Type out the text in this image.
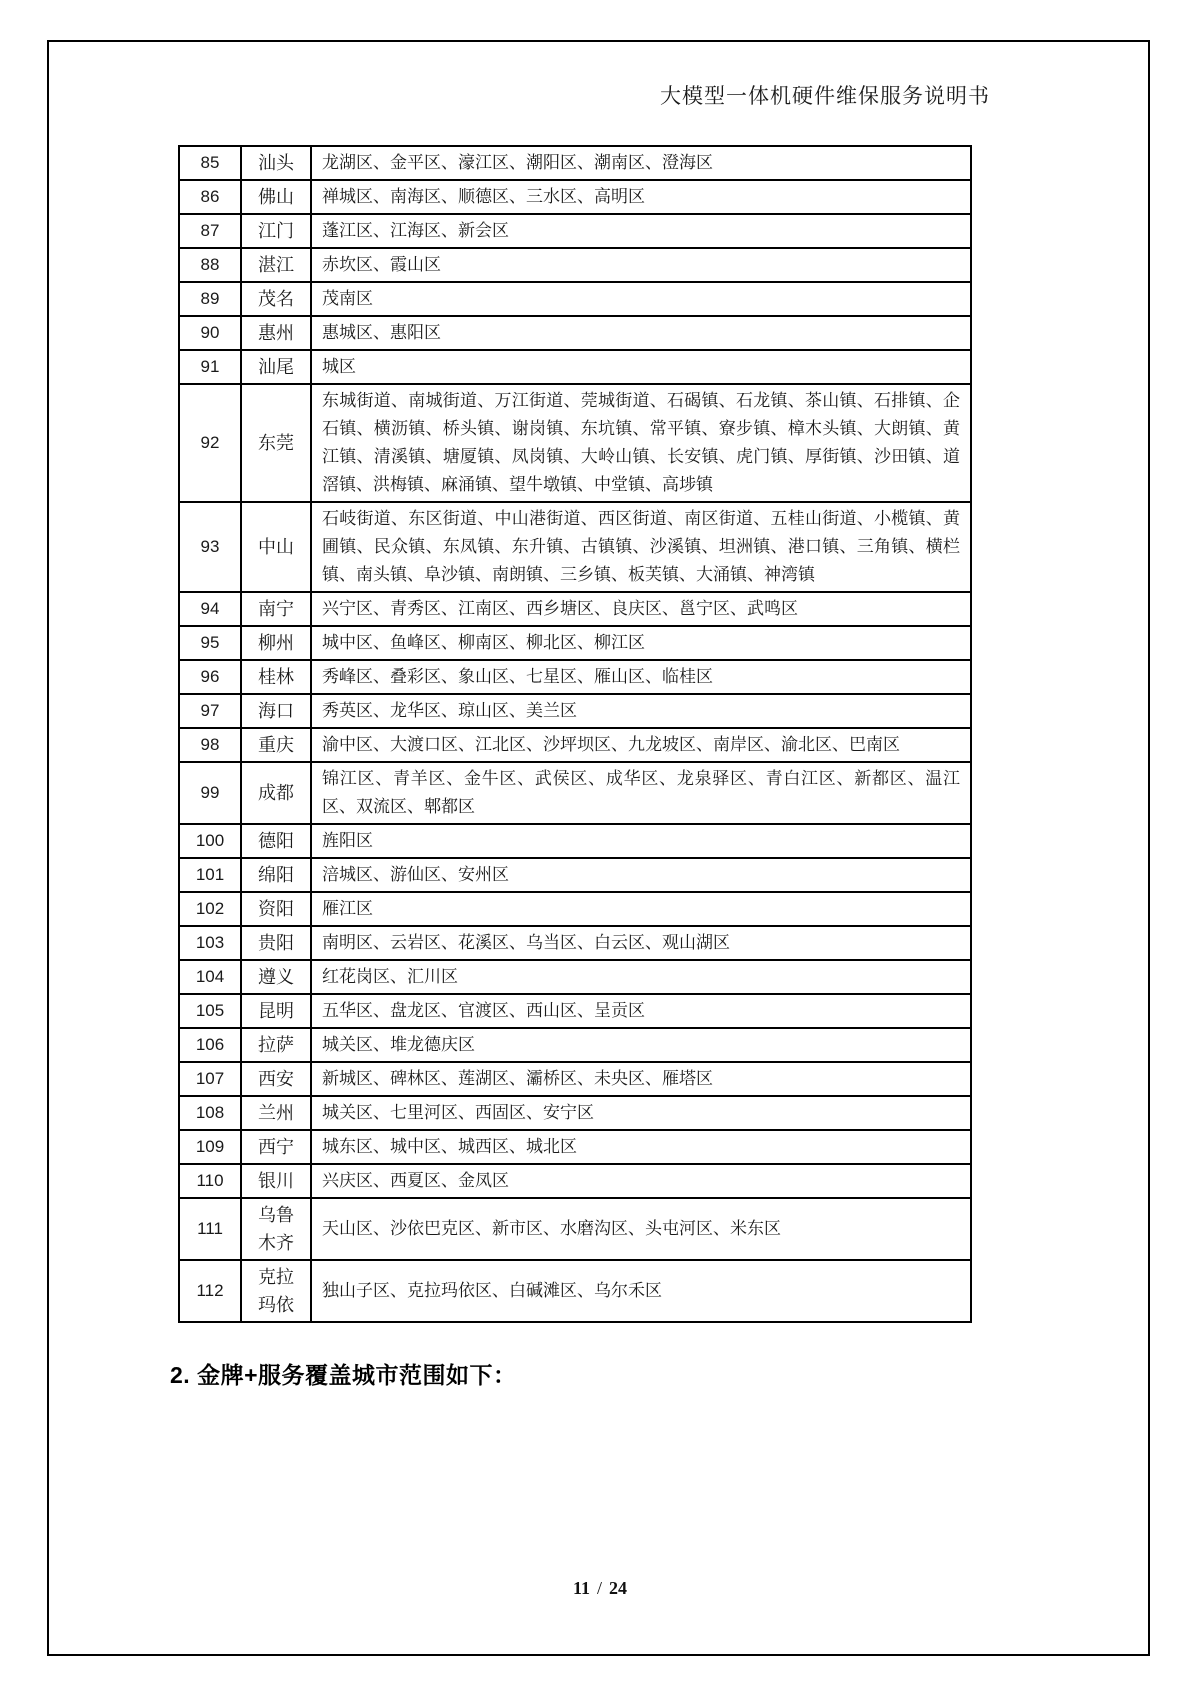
大模型一体机硬件维保服务说明书
85	汕头	龙湖区、金平区、濠江区、潮阳区、潮南区、澄海区
86	佛山	禅城区、南海区、顺德区、三水区、高明区
87	江门	蓬江区、江海区、新会区
88	湛江	赤坎区、霞山区
89	茂名	茂南区
90	惠州	惠城区、惠阳区
91	汕尾	城区
92	东莞	东城街道、南城街道、万江街道、莞城街道、石碣镇、石龙镇、茶山镇、石排镇、企石镇、横沥镇、桥头镇、谢岗镇、东坑镇、常平镇、寮步镇、樟木头镇、大朗镇、黄江镇、清溪镇、塘厦镇、凤岗镇、大岭山镇、长安镇、虎门镇、厚街镇、沙田镇、道滘镇、洪梅镇、麻涌镇、望牛墩镇、中堂镇、高埗镇
93	中山	石岐街道、东区街道、中山港街道、西区街道、南区街道、五桂山街道、小榄镇、黄圃镇、民众镇、东凤镇、东升镇、古镇镇、沙溪镇、坦洲镇、港口镇、三角镇、横栏镇、南头镇、阜沙镇、南朗镇、三乡镇、板芙镇、大涌镇、神湾镇
94	南宁	兴宁区、青秀区、江南区、西乡塘区、良庆区、邕宁区、武鸣区
95	柳州	城中区、鱼峰区、柳南区、柳北区、柳江区
96	桂林	秀峰区、叠彩区、象山区、七星区、雁山区、临桂区
97	海口	秀英区、龙华区、琼山区、美兰区
98	重庆	渝中区、大渡口区、江北区、沙坪坝区、九龙坡区、南岸区、渝北区、巴南区
99	成都	锦江区、青羊区、金牛区、武侯区、成华区、龙泉驿区、青白江区、新都区、温江区、双流区、郫都区
100	德阳	旌阳区
101	绵阳	涪城区、游仙区、安州区
102	资阳	雁江区
103	贵阳	南明区、云岩区、花溪区、乌当区、白云区、观山湖区
104	遵义	红花岗区、汇川区
105	昆明	五华区、盘龙区、官渡区、西山区、呈贡区
106	拉萨	城关区、堆龙德庆区
107	西安	新城区、碑林区、莲湖区、灞桥区、未央区、雁塔区
108	兰州	城关区、七里河区、西固区、安宁区
109	西宁	城东区、城中区、城西区、城北区
110	银川	兴庆区、西夏区、金凤区
111	乌鲁木齐	天山区、沙依巴克区、新市区、水磨沟区、头屯河区、米东区
112	克拉玛依	独山子区、克拉玛依区、白碱滩区、乌尔禾区
2. 金牌+服务覆盖城市范围如下：
11 / 24
